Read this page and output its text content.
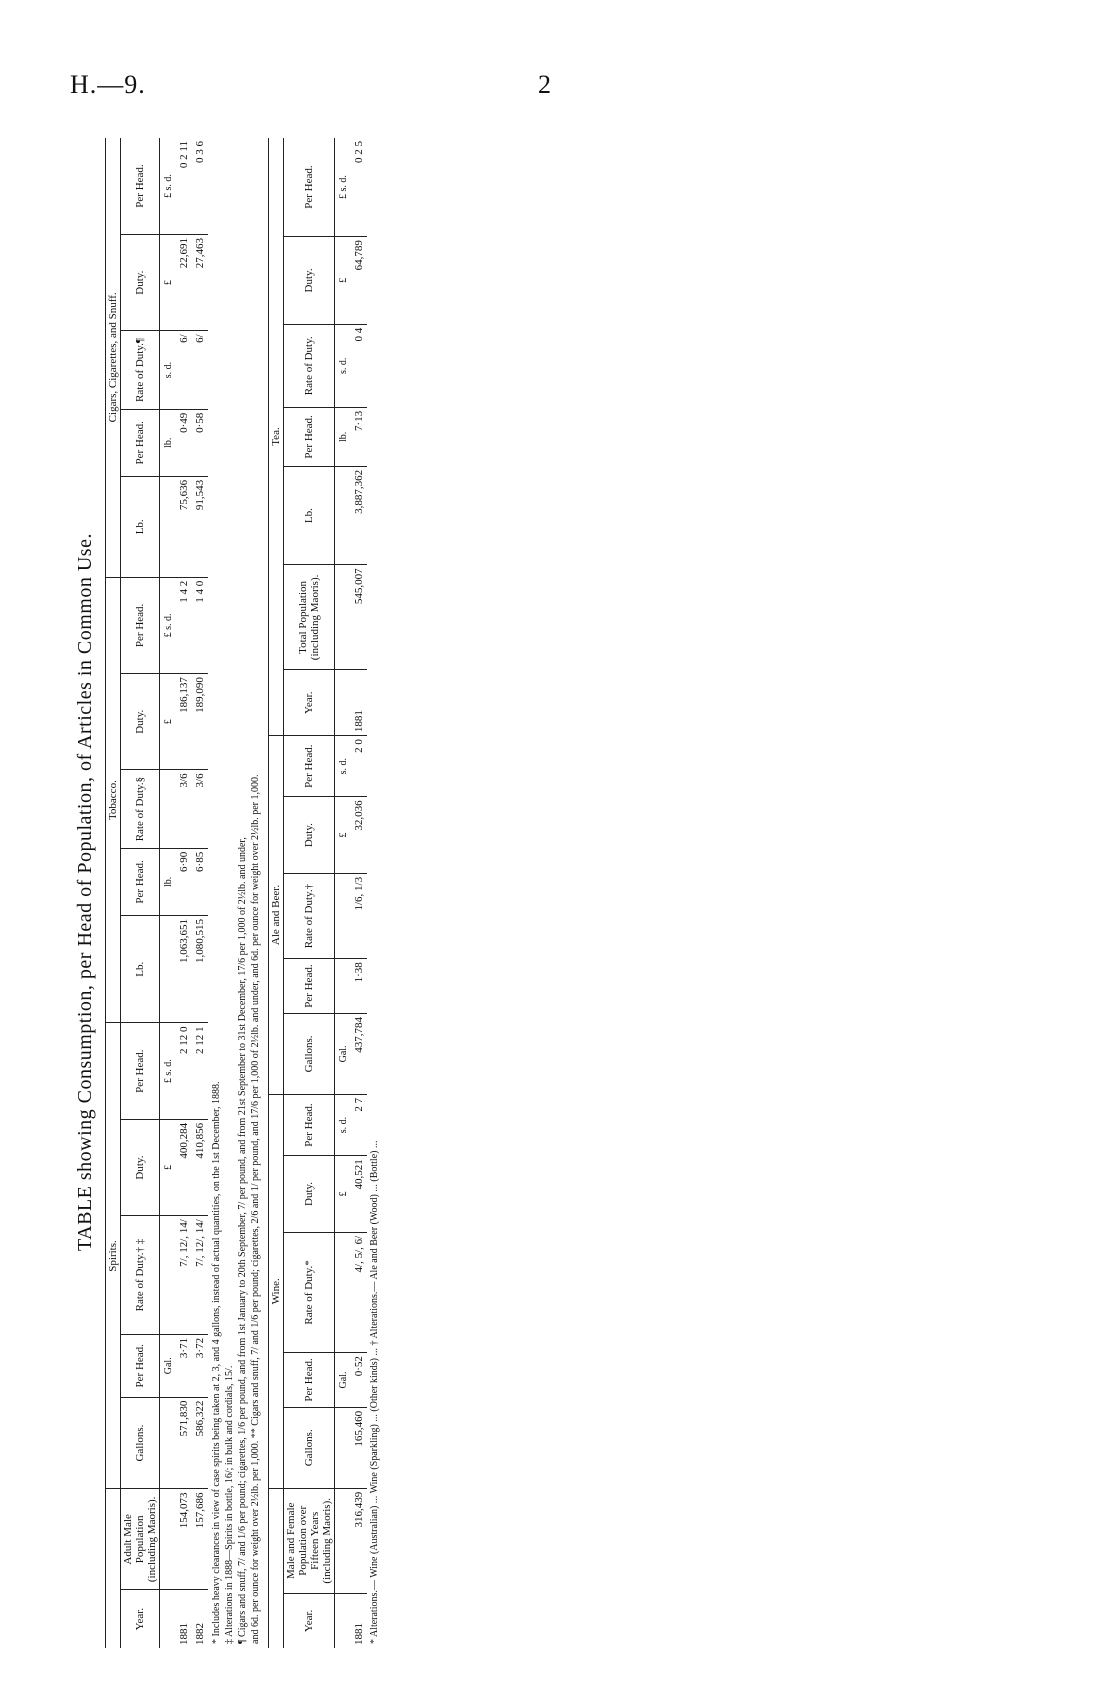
H.—9.	2
TABLE showing Consumption, per Head of Population, of Articles in Common Use.
		Spirits.					Tobacco.					Cigars, Cigarettes, and Snuff.				
Year.	Adult Male Population (including Maoris).	Gallons.	Per Head.	Rate of Duty.† ‡	Duty.	Per Head.	Lb.	Per Head.	Rate of Duty.§	Duty.	Per Head.	Lb.	Per Head.	Rate of Duty.¶	Duty.	Per Head.
			Gal.		£	£ s. d.		lb.		£	£ s. d.		lb.	s. d.	£	£ s. d.
1881	154,073	571,830	3·71	7/, 12/, 14/	400,284	2 12 0	1,063,651	6·90	3/6	186,137	1 4 2	75,636	0·49	6/	22,691	0 2 11
1882	157,686	586,322	3·72	7/, 12/, 14/	410,856	2 12 1	1,080,515	6·85	3/6	189,090	1 4 0	91,543	0·58	6/	27,463	0 3 6
* Includes heavy clearances in view of case spirits being taken at 2, 3, and 4 gallons, instead of actual quantities, on the 1st December, 1888. ‡ Alterations in 1888—Spirits in bottle, 16/; in bulk and cordials, 15/. ¶ Cigars and snuff, 7/ and 1/6 per pound; cigarettes, 1/6 per pound, and from 1st January to 20th September, 7/ per pound, and from 21st September to 31st December, 17/6 per 1,000 of 2½lb. and under, and 6d. per ounce for weight over 2½lb. per 1,000. ** Cigars and snuff, 7/ and 1/6 per pound; cigarettes, 2/6 and 1/ per pound, and 17/6 per 1,000 of 2½lb. and under, and 6d. per ounce for weight over 2½lb. per 1,000.
		Wine.					Ale and Beer.					Tea.						
Year.	Male and Female Population over Fifteen Years (including Maoris).	Gallons.	Per Head.	Rate of Duty.*	Duty.	Per Head.	Gallons.	Per Head.	Rate of Duty.†	Duty.	Per Head.	Year.	Total Population (including Maoris).	Lb.	Per Head.	Rate of Duty.	Duty.	Per Head.
			Gal.		£	s. d.	Gal.			£	s. d.				lb.	s. d.	£	£ s. d.
1881	316,439	165,460	0·52	4/, 5/, 6/	40,521	2 7	437,784	1·38	1/6, 1/3	32,036	2 0	1881	545,007	3,887,362	7·13	0 4	64,789	0 2 5
* Alterations.— Wine (Australian) ... Wine (Sparkling) ... (Other kinds) ... † Alterations.— Ale and Beer (Wood) ... (Bottle) ...
